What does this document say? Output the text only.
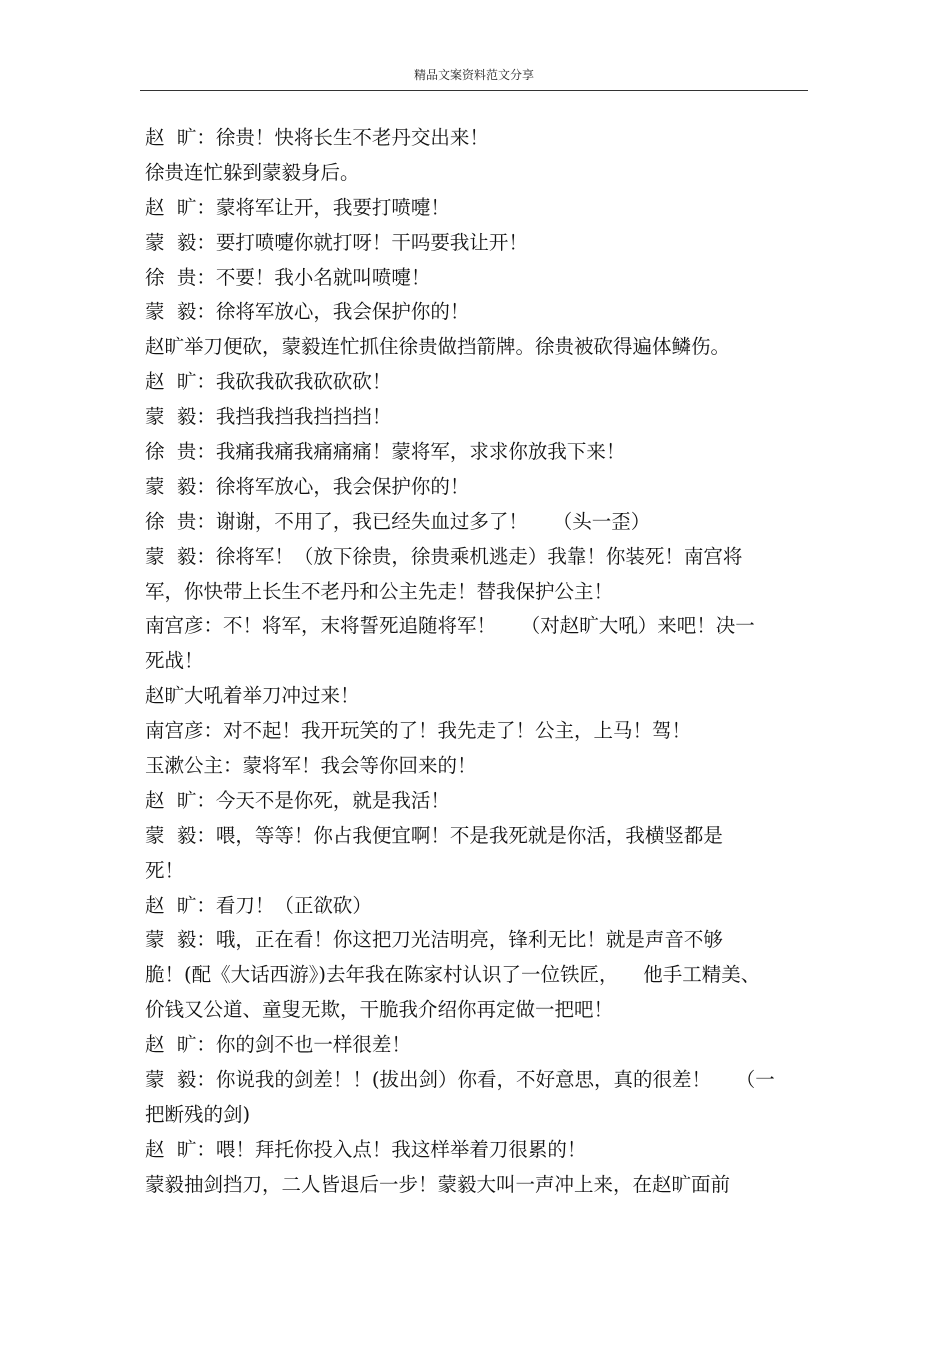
精品文案资料范文分享
赵  旷：徐贵！快将长生不老丹交出来！
徐贵连忙躲到蒙毅身后。
赵  旷：蒙将军让开，我要打喷嚏！
蒙  毅：要打喷嚏你就打呀！干吗要我让开！
徐  贵：不要！我小名就叫喷嚏！
蒙  毅：徐将军放心，我会保护你的！
赵旷举刀便砍，蒙毅连忙抓住徐贵做挡箭牌。徐贵被砍得遍体鳞伤。
赵  旷：我砍我砍我砍砍砍！
蒙  毅：我挡我挡我挡挡挡！
徐  贵：我痛我痛我痛痛痛！蒙将军，求求你放我下来！
蒙  毅：徐将军放心，我会保护你的！
徐  贵：谢谢，不用了，我已经失血过多了！    （头一歪）
蒙  毅：徐将军！（放下徐贵，徐贵乘机逃走）我靠！你装死！南宫将
军，你快带上长生不老丹和公主先走！替我保护公主！
南宫彦：不！将军，末将誓死追随将军！    （对赵旷大吼）来吧！决一
死战！
赵旷大吼着举刀冲过来！
南宫彦：对不起！我开玩笑的了！我先走了！公主，上马！驾！
玉漱公主：蒙将军！我会等你回来的！
赵  旷：今天不是你死，就是我活！
蒙  毅：喂，等等！你占我便宜啊！不是我死就是你活，我横竖都是
死！
赵  旷：看刀！（正欲砍）
蒙  毅：哦，正在看！你这把刀光洁明亮，锋利无比！就是声音不够
脆！(配《大话西游》)去年我在陈家村认识了一位铁匠，    他手工精美、
价钱又公道、童叟无欺，干脆我介绍你再定做一把吧！
赵  旷：你的剑不也一样很差！
蒙  毅：你说我的剑差！！(拔出剑）你看，不好意思，真的很差！    （一
把断残的剑)
赵  旷：喂！拜托你投入点！我这样举着刀很累的！
蒙毅抽剑挡刀，二人皆退后一步！蒙毅大叫一声冲上来，在赵旷面前
